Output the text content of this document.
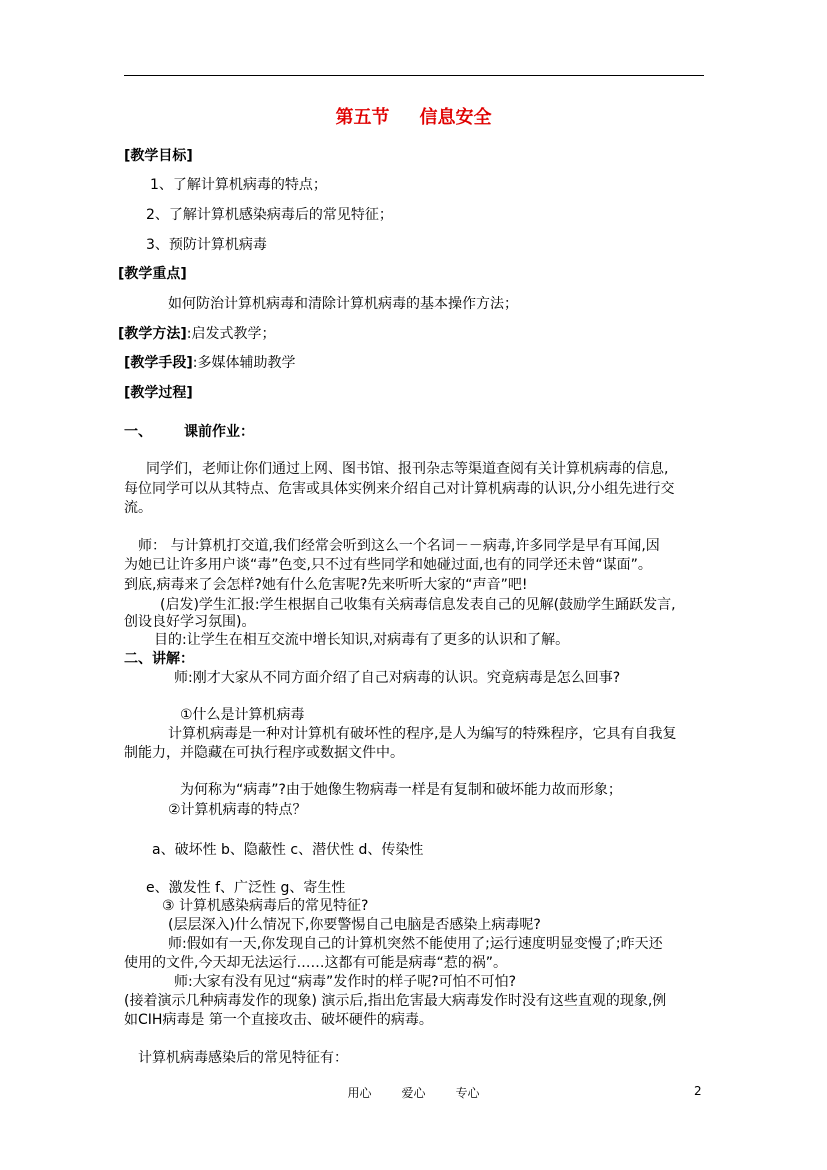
第五节 信息安全
[教学目标]
1、了解计算机病毒的特点；
2、了解计算机感染病毒后的常见特征；
3、预防计算机病毒
[教学重点]
如何防治计算机病毒和清除计算机病毒的基本操作方法；
[教学方法]:启发式教学；
[教学手段]:多媒体辅助教学
[教学过程]
一、 课前作业：
同学们，老师让你们通过上网、图书馆、报刊杂志等渠道查阅有关计算机病毒的信息,
每位同学可以从其特点、危害或具体实例来介绍自己对计算机病毒的认识,分小组先进行交
流。
师： 与计算机打交道,我们经常会听到这么一个名词－－病毒,许多同学是早有耳闻,因
为她已让许多用户谈“毒”色变,只不过有些同学和她碰过面,也有的同学还未曾“谋面”。
到底,病毒来了会怎样?她有什么危害呢?先来听听大家的“声音”吧!
(启发)学生汇报:学生根据自己收集有关病毒信息发表自己的见解(鼓励学生踊跃发言,
创设良好学习氛围)。
目的:让学生在相互交流中增长知识,对病毒有了更多的认识和了解。
二、讲解：
师:刚才大家从不同方面介绍了自己对病毒的认识。究竟病毒是怎么回事?
①什么是计算机病毒
计算机病毒是一种对计算机有破坏性的程序,是人为编写的特殊程序，它具有自我复
制能力，并隐藏在可执行程序或数据文件中。
为何称为“病毒”?由于她像生物病毒一样是有复制和破坏能力故而形象；
②计算机病毒的特点？
a、破坏性 b、隐蔽性 c、潜伏性 d、传染性
e、激发性 f、广泛性 g、寄生性
③ 计算机感染病毒后的常见特征?
(层层深入)什么情况下,你要警惕自己电脑是否感染上病毒呢?
师:假如有一天,你发现自己的计算机突然不能使用了;运行速度明显变慢了;昨天还
使用的文件,今天却无法运行……这都有可能是病毒“惹的祸”。
师:大家有没有见过“病毒”发作时的样子呢?可怕不可怕?
(接着演示几种病毒发作的现象) 演示后,指出危害最大病毒发作时没有这些直观的现象,例
如CIH病毒是 第一个直接攻击、破坏硬件的病毒。
计算机病毒感染后的常见特征有：
用心	爱心	专心	2
